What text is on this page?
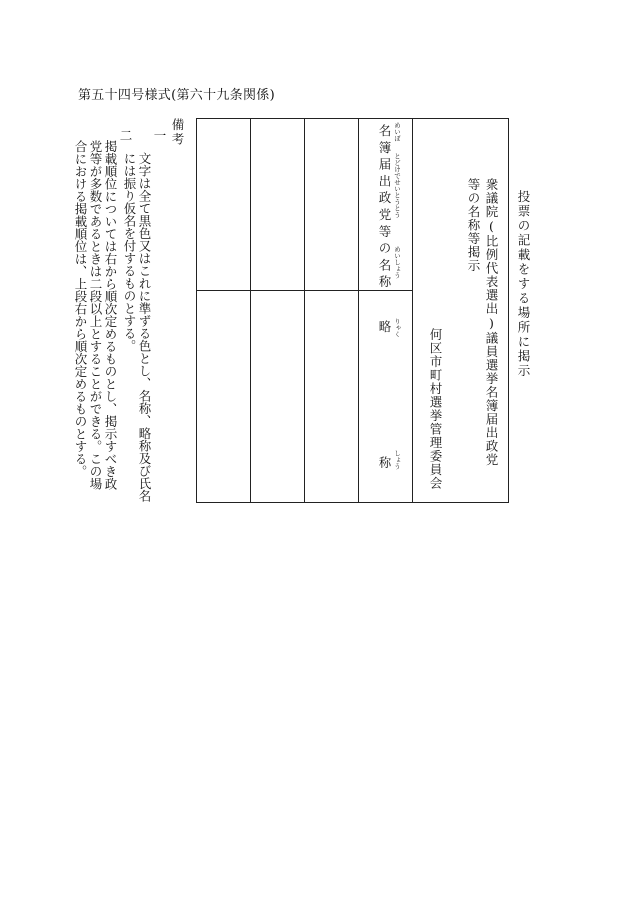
第五十四号様式(第六十九条関係)
投票の記載をする場所に掲示
衆議院(比例代表選出)議員選挙名簿届出政党
等の名称等掲示
何区市町村選挙管理委員会
めいぼ
とどけでせいとうとう
めいしょう
名簿届出政党等の名称
りゃく
略
しょう
称
備考
一
文字は全て黒色又はこれに準ずる色とし、名称、略称及び氏名には振り仮名を付するものとする。
二
掲載順位については右から順次定めるものとし、掲示すべき政党等が多数であるときは二段以上とすることができる。この場合における掲載順位は、上段右から順次定めるものとする。
